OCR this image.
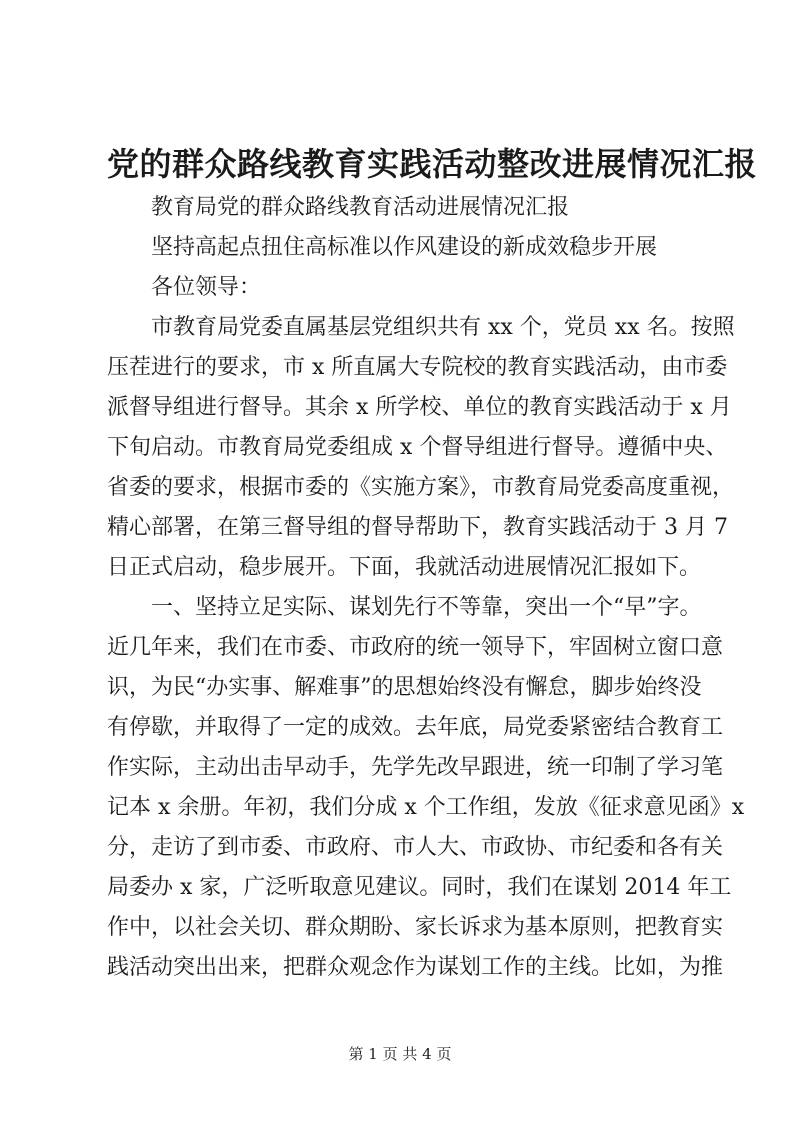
党的群众路线教育实践活动整改进展情况汇报
　　教育局党的群众路线教育活动进展情况汇报
　　坚持高起点扭住高标准以作风建设的新成效稳步开展
　　各位领导：
　　市教育局党委直属基层党组织共有 xx 个，党员 xx 名。按照
压茬进行的要求，市 x 所直属大专院校的教育实践活动，由市委
派督导组进行督导。其余 x 所学校、单位的教育实践活动于 x 月
下旬启动。市教育局党委组成 x 个督导组进行督导。遵循中央、
省委的要求，根据市委的《实施方案》，市教育局党委高度重视，
精心部署，在第三督导组的督导帮助下，教育实践活动于 3 月 7
日正式启动，稳步展开。下面，我就活动进展情况汇报如下。
　　一、坚持立足实际、谋划先行不等靠，突出一个“早”字。
近几年来，我们在市委、市政府的统一领导下，牢固树立窗口意
识，为民“办实事、解难事”的思想始终没有懈怠，脚步始终没
有停歇，并取得了一定的成效。去年底，局党委紧密结合教育工
作实际，主动出击早动手，先学先改早跟进，统一印制了学习笔
记本 x 余册。年初，我们分成 x 个工作组，发放《征求意见函》x
分，走访了到市委、市政府、市人大、市政协、市纪委和各有关
局委办 x 家，广泛听取意见建议。同时，我们在谋划 2014 年工
作中，以社会关切、群众期盼、家长诉求为基本原则，把教育实
践活动突出出来，把群众观念作为谋划工作的主线。比如，为推
第 1 页 共 4 页
